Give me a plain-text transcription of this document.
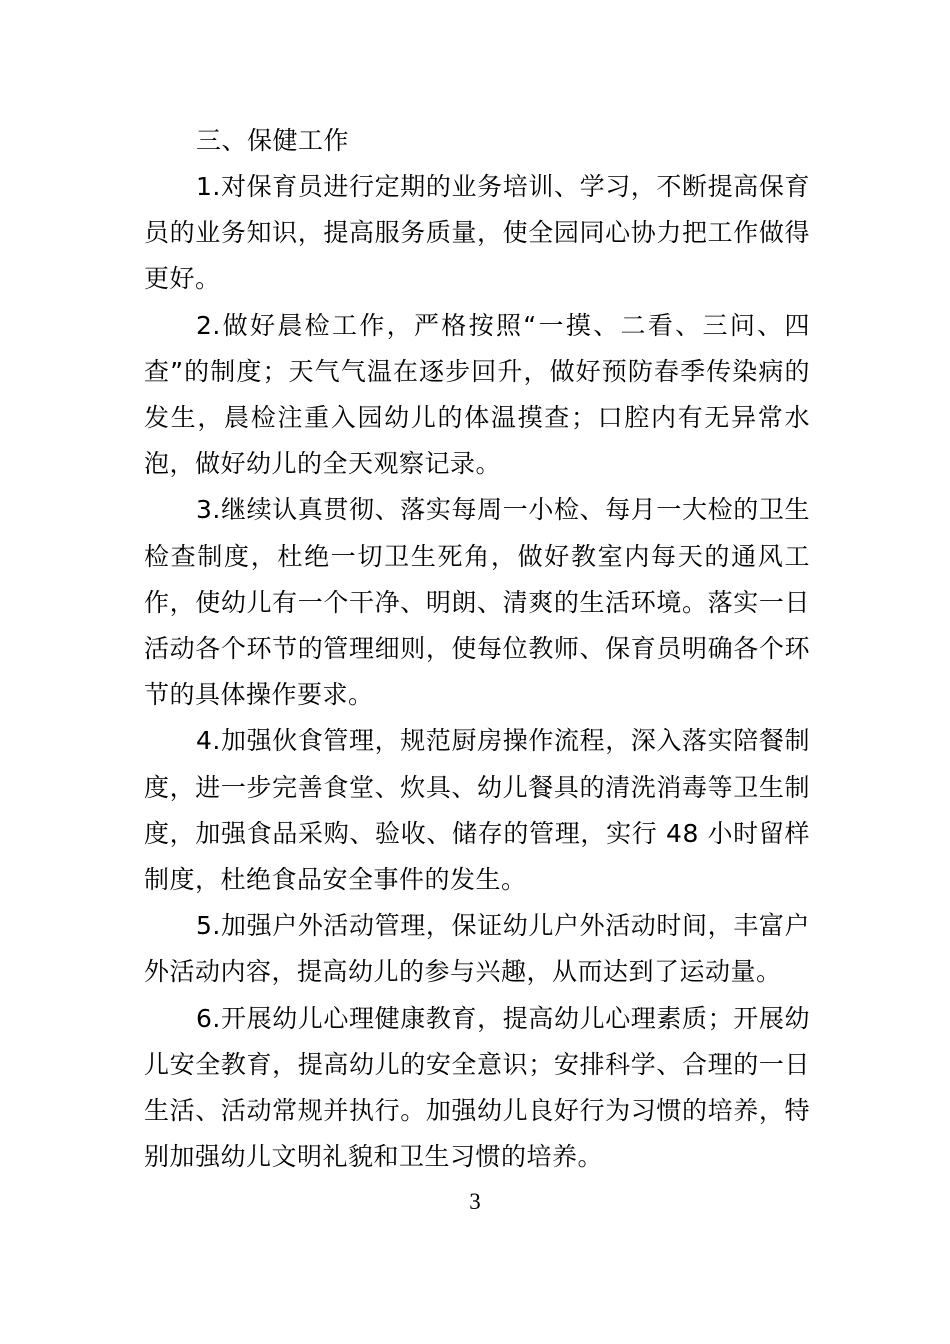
三、保健工作

1.对保育员进行定期的业务培训、学习，不断提高保育员的业务知识，提高服务质量，使全园同心协力把工作做得更好。

2.做好晨检工作，严格按照“一摸、二看、三问、四查”的制度；天气气温在逐步回升，做好预防春季传染病的发生，晨检注重入园幼儿的体温摸查；口腔内有无异常水泡，做好幼儿的全天观察记录。

3.继续认真贯彻、落实每周一小检、每月一大检的卫生检查制度，杜绝一切卫生死角，做好教室内每天的通风工作，使幼儿有一个干净、明朗、清爽的生活环境。落实一日活动各个环节的管理细则，使每位教师、保育员明确各个环节的具体操作要求。

4.加强伙食管理，规范厨房操作流程，深入落实陪餐制度，进一步完善食堂、炊具、幼儿餐具的清洗消毒等卫生制度，加强食品采购、验收、储存的管理，实行 48 小时留样制度，杜绝食品安全事件的发生。

5.加强户外活动管理，保证幼儿户外活动时间，丰富户外活动内容，提高幼儿的参与兴趣，从而达到了运动量。

6.开展幼儿心理健康教育，提高幼儿心理素质；开展幼儿安全教育，提高幼儿的安全意识；安排科学、合理的一日生活、活动常规并执行。加强幼儿良好行为习惯的培养，特别加强幼儿文明礼貌和卫生习惯的培养。

3
